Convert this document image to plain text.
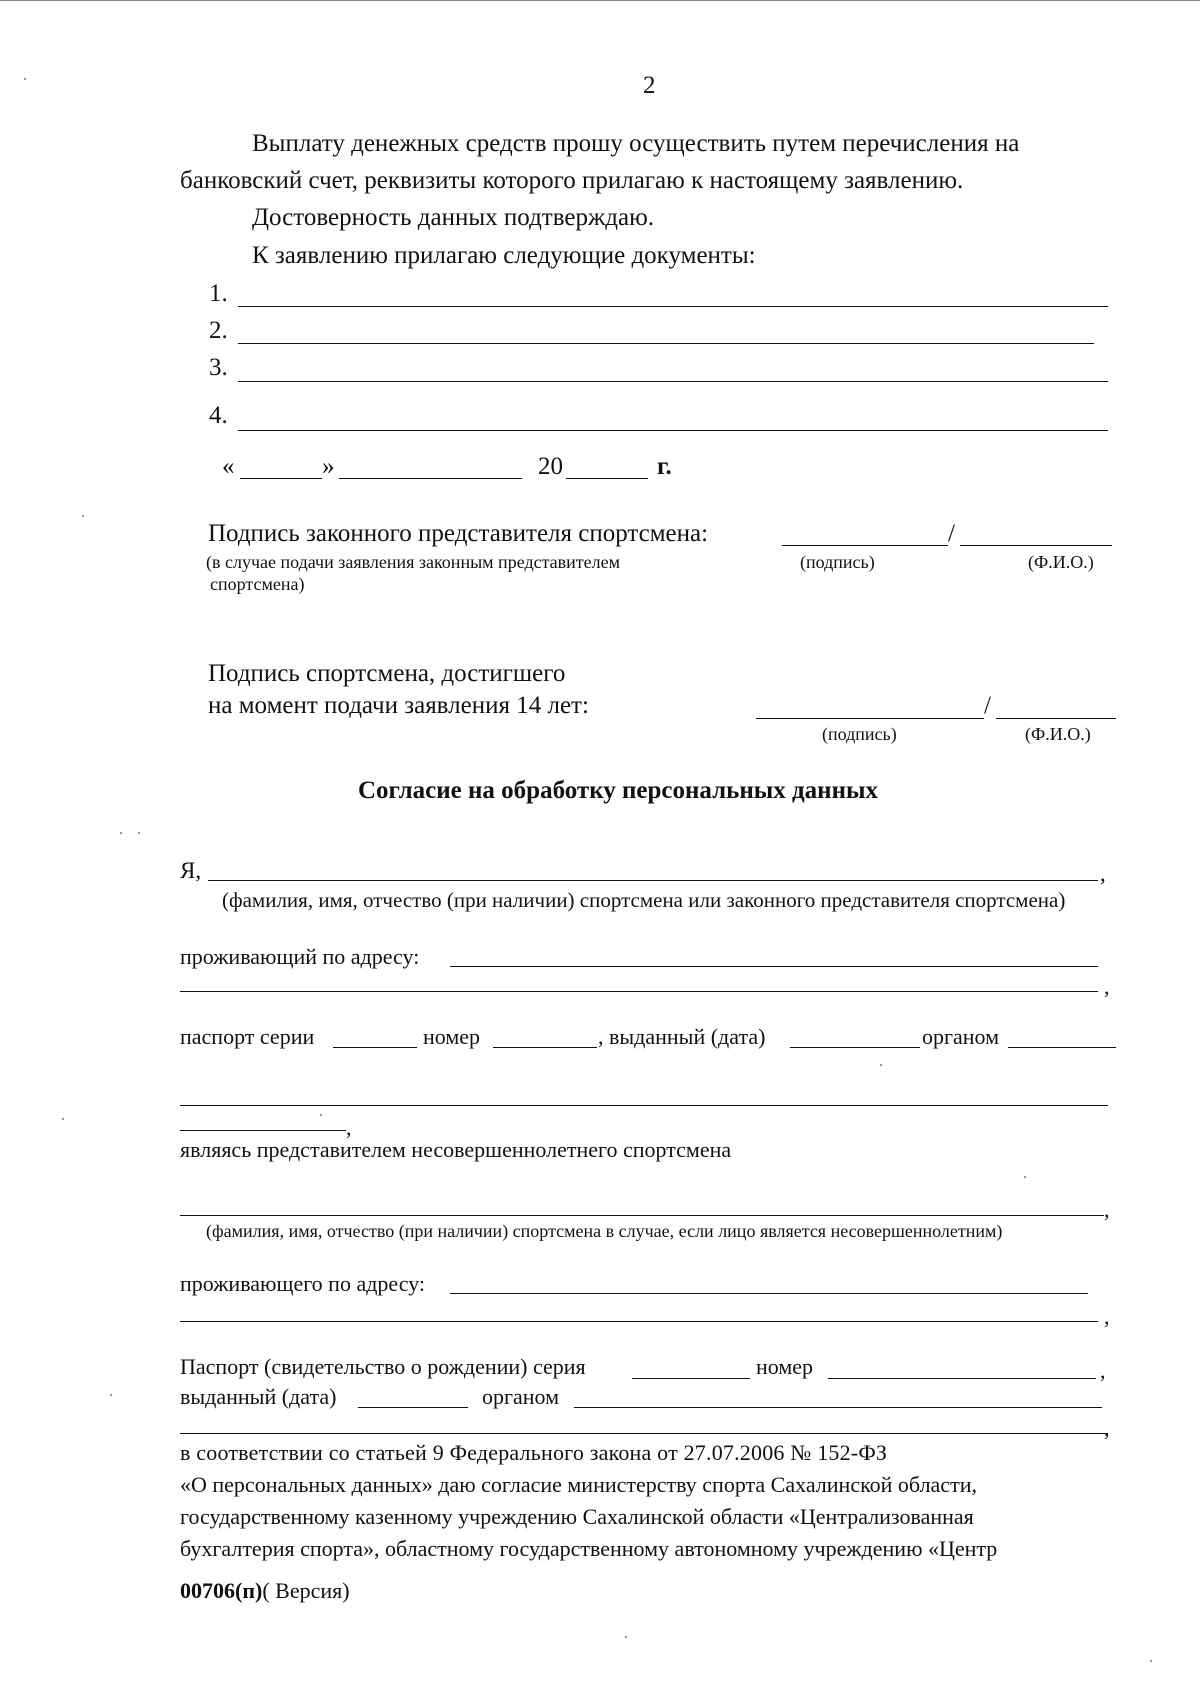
2
Выплату денежных средств прошу осуществить путем перечисления на
банковский счет, реквизиты которого прилагаю к настоящему заявлению.
Достоверность данных подтверждаю.
К заявлению прилагаю следующие документы:
1.
2.
3.
4.
«	»	20	г.
Подпись законного представителя спортсмена:	/
(в случае подачи заявления законным представителем
спортсмена)
(подпись)	(Ф.И.О.)
Подпись спортсмена, достигшего
на момент подачи заявления 14 лет:	/
(подпись)	(Ф.И.О.)
Согласие на обработку персональных данных
Я,	,
(фамилия, имя, отчество (при наличии) спортсмена или законного представителя спортсмена)
проживающий по адресу:
,
паспорт серии	номер	, выданный (дата)	органом
,
являясь представителем несовершеннолетнего спортсмена
,
(фамилия, имя, отчество (при наличии) спортсмена в случае, если лицо является несовершеннолетним)
проживающего по адресу:
,
Паспорт (свидетельство о рождении) серия	номер	,
выданный (дата)	органом
,
в соответствии со статьей 9 Федерального закона от 27.07.2006 № 152-ФЗ
«О персональных данных» даю согласие министерству спорта Сахалинской области,
государственному казенному учреждению Сахалинской области «Централизованная
бухгалтерия спорта», областному государственному автономному учреждению «Центр
00706(п)( Версия)
